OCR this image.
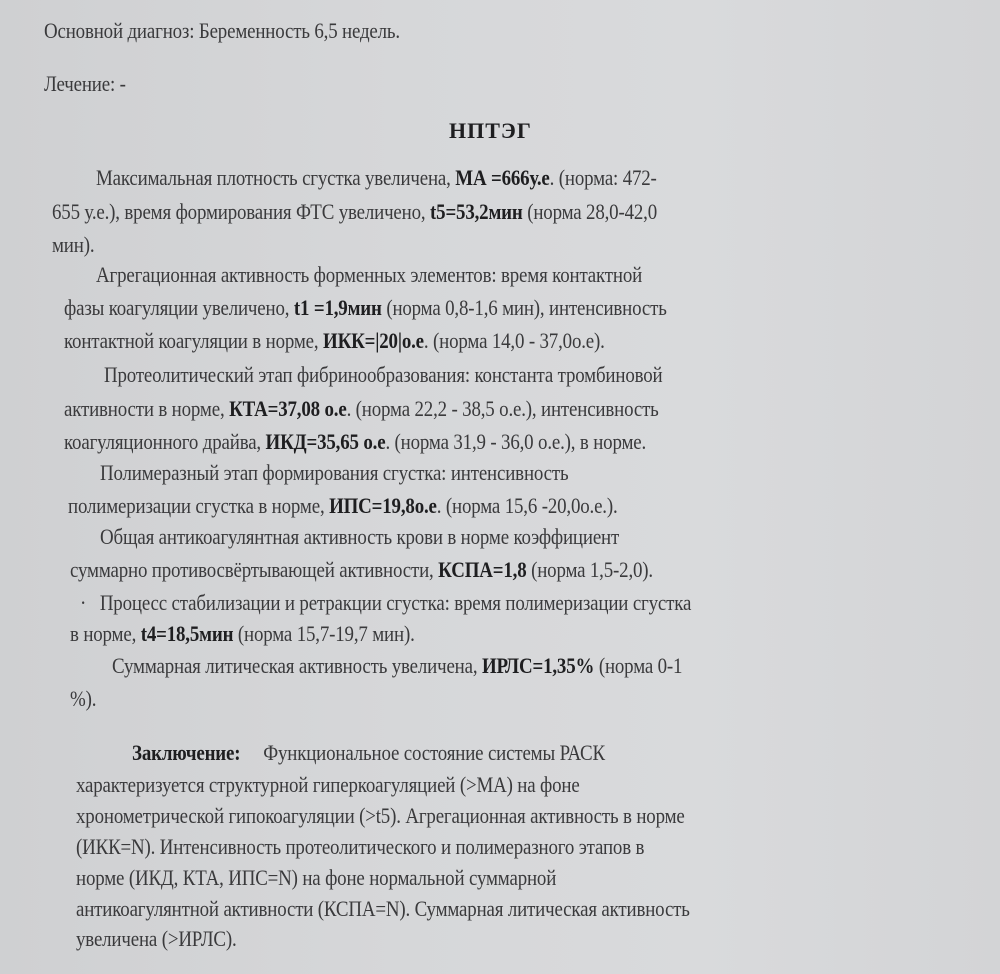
Основной диагноз: Беременность 6,5 недель.
Лечение: -
НПТЭГ
Максимальная плотность сгустка увеличена, МА =666у.е. (норма: 472-
655 у.е.), время формирования ФТС увеличено, t5=53,2мин (норма 28,0-42,0
мин).
Агрегационная активность форменных элементов: время контактной
фазы коагуляции увеличено, t1 =1,9мин (норма 0,8-1,6 мин), интенсивность
контактной коагуляции в норме, ИКК=|20|о.е. (норма 14,0 - 37,0о.е).
Протеолитический этап фибринообразования: константа тромбиновой
активности в норме, КТА=37,08 о.е. (норма 22,2 - 38,5 о.е.), интенсивность
коагуляционного драйва, ИКД=35,65 о.е. (норма 31,9 - 36,0 о.е.), в норме.
Полимеразный этап формирования сгустка: интенсивность
полимеризации сгустка в норме, ИПС=19,8о.е. (норма 15,6 -20,0о.е.).
Общая антикоагулянтная активность крови в норме коэффициент
суммарно противосвёртывающей активности, КСПА=1,8 (норма 1,5-2,0).
· Процесс стабилизации и ретракции сгустка: время полимеризации сгустка
в норме, t4=18,5мин (норма 15,7-19,7 мин).
Суммарная литическая активность увеличена, ИРЛС=1,35% (норма 0-1
%).
Заключение: Функциональное состояние системы РАСК
характеризуется структурной гиперкоагуляцией (>МА) на фоне
хронометрической гипокоагуляции (>t5). Агрегационная активность в норме
(ИКК=N). Интенсивность протеолитического и полимеразного этапов в
норме (ИКД, КТА, ИПС=N) на фоне нормальной суммарной
антикоагулянтной активности (КСПА=N). Суммарная литическая активность
увеличена (>ИРЛС).
